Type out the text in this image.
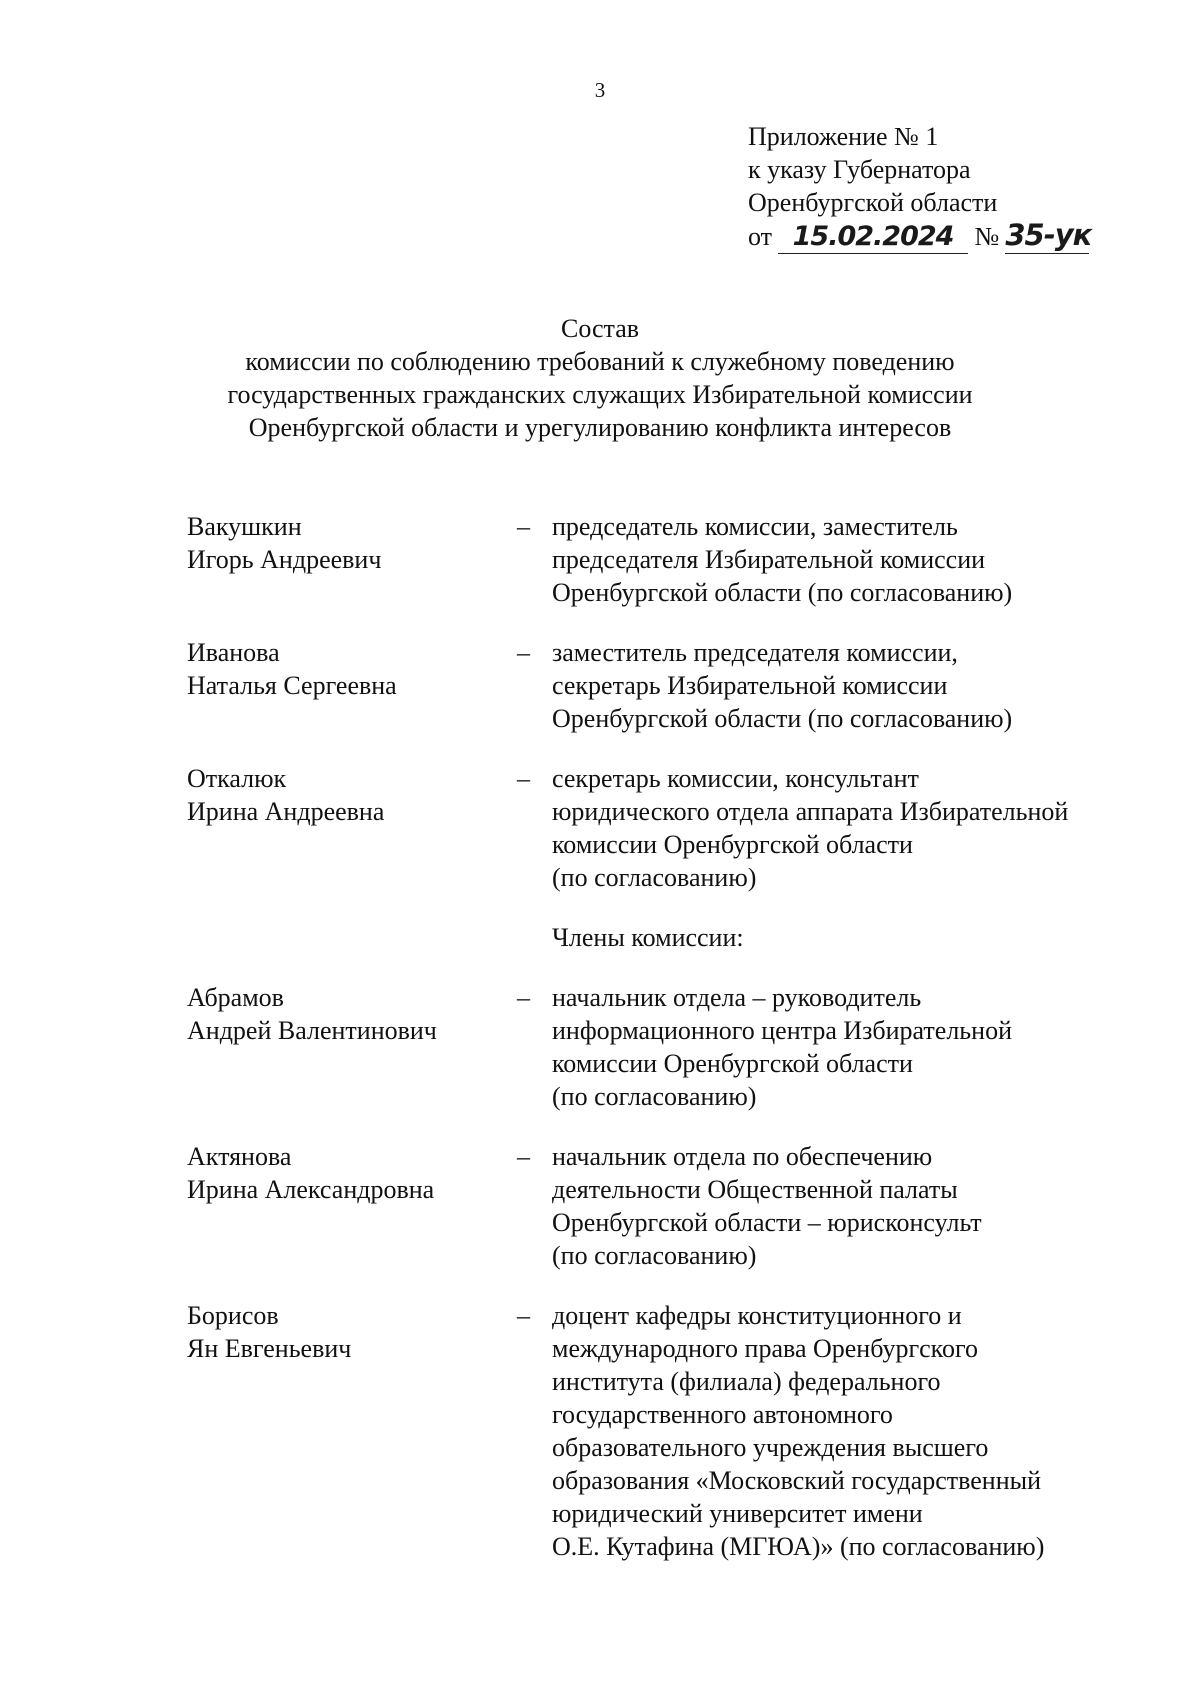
3
Приложение № 1
к указу Губернатора
Оренбургской области
от 15.02.2024 № 35-ук
Состав
комиссии по соблюдению требований к служебному поведению
государственных гражданских служащих Избирательной комиссии
Оренбургской области и урегулированию конфликта интересов
Вакушкин
Игорь Андреевич
– председатель комиссии, заместитель
председателя Избирательной комиссии
Оренбургской области (по согласованию)
Иванова
Наталья Сергеевна
– заместитель председателя комиссии,
секретарь Избирательной комиссии
Оренбургской области (по согласованию)
Откалюк
Ирина Андреевна
– секретарь комиссии, консультант
юридического отдела аппарата Избирательной
комиссии Оренбургской области
(по согласованию)
Члены комиссии:
Абрамов
Андрей Валентинович
– начальник отдела – руководитель
информационного центра Избирательной
комиссии Оренбургской области
(по согласованию)
Актянова
Ирина Александровна
– начальник отдела по обеспечению
деятельности Общественной палаты
Оренбургской области – юрисконсульт
(по согласованию)
Борисов
Ян Евгеньевич
– доцент кафедры конституционного и
международного права Оренбургского
института (филиала) федерального
государственного автономного
образовательного учреждения высшего
образования «Московский государственный
юридический университет имени
О.Е. Кутафина (МГЮА)» (по согласованию)
